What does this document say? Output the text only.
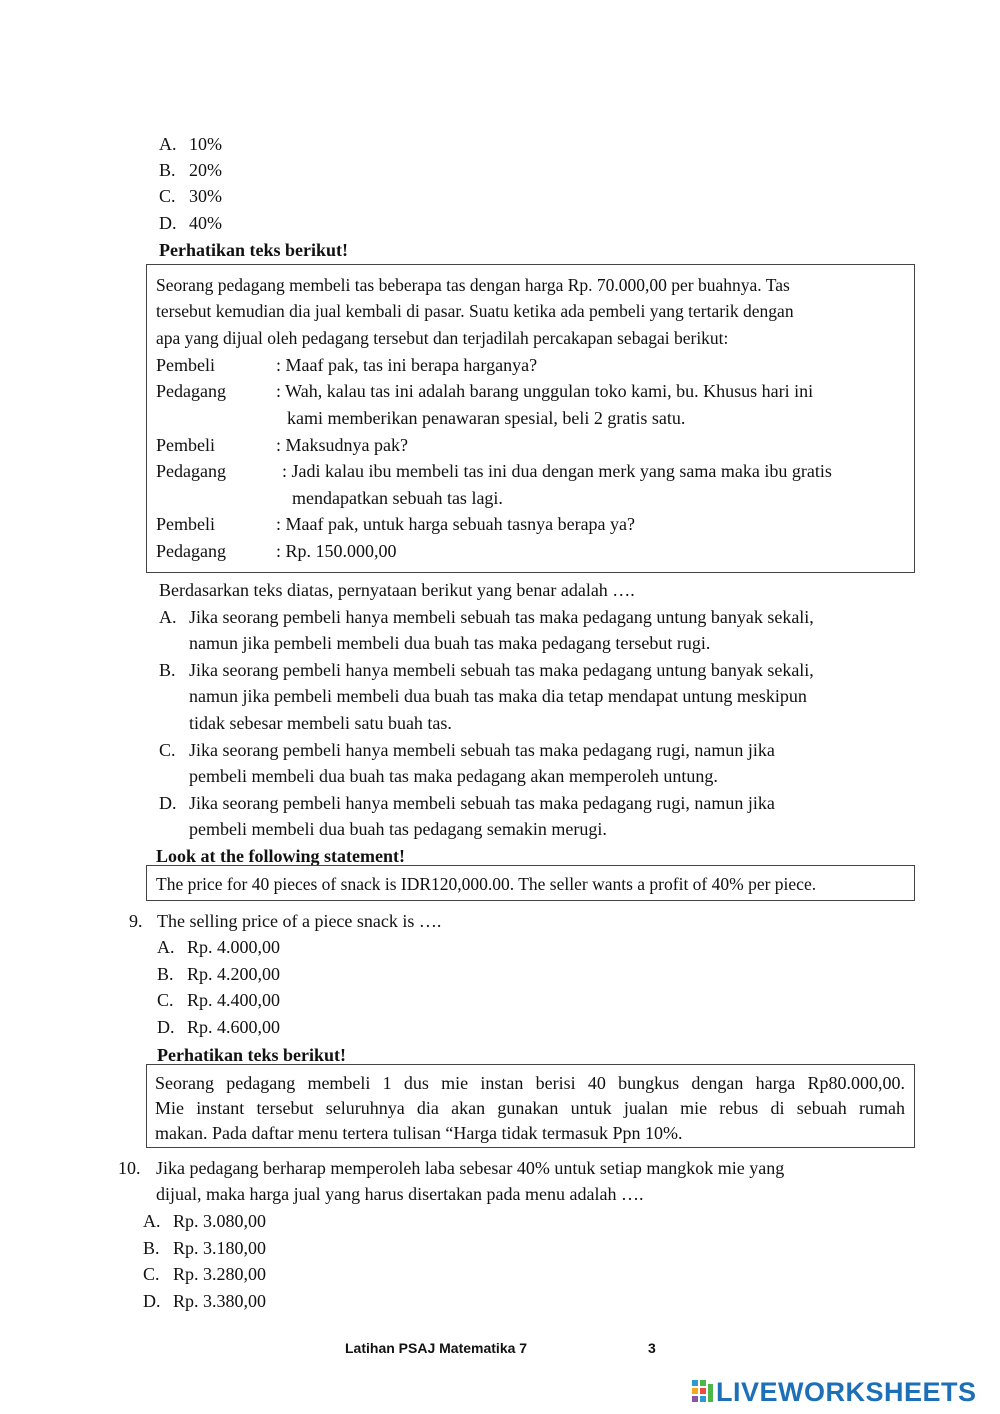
A. 10%
B. 20%
C. 30%
D. 40%
Perhatikan teks berikut!
Seorang pedagang membeli tas beberapa tas dengan harga Rp. 70.000,00 per buahnya. Tas
tersebut kemudian dia jual kembali di pasar. Suatu ketika ada pembeli yang tertarik dengan
apa yang dijual oleh pedagang tersebut dan terjadilah percakapan sebagai berikut:
Pembeli	: Maaf pak, tas ini berapa harganya?
Pedagang	: Wah, kalau tas ini adalah barang unggulan toko kami, bu. Khusus hari ini
kami memberikan penawaran spesial, beli 2 gratis satu.
Pembeli	: Maksudnya pak?
Pedagang	: Jadi kalau ibu membeli tas ini dua dengan merk yang sama maka ibu gratis
mendapatkan sebuah tas lagi.
Pembeli	: Maaf pak, untuk harga sebuah tasnya berapa ya?
Pedagang	: Rp. 150.000,00
Berdasarkan teks diatas, pernyataan berikut yang benar adalah ….
A. Jika seorang pembeli hanya membeli sebuah tas maka pedagang untung banyak sekali,
namun jika pembeli membeli dua buah tas maka pedagang tersebut rugi.
B. Jika seorang pembeli hanya membeli sebuah tas maka pedagang untung banyak sekali,
namun jika pembeli membeli dua buah tas maka dia tetap mendapat untung meskipun
tidak sebesar membeli satu buah tas.
C. Jika seorang pembeli hanya membeli sebuah tas maka pedagang rugi, namun jika
pembeli membeli dua buah tas maka pedagang akan memperoleh untung.
D. Jika seorang pembeli hanya membeli sebuah tas maka pedagang rugi, namun jika
pembeli membeli dua buah tas pedagang semakin merugi.
Look at the following statement!
The price for 40 pieces of snack is IDR120,000.00. The seller wants a profit of 40% per piece.
9. The selling price of a piece snack is ….
A. Rp. 4.000,00
B. Rp. 4.200,00
C. Rp. 4.400,00
D. Rp. 4.600,00
Perhatikan teks berikut!
Seorang pedagang membeli 1 dus mie instan berisi 40 bungkus dengan harga Rp80.000,00.
Mie instant tersebut seluruhnya dia akan gunakan untuk jualan mie rebus di sebuah rumah
makan. Pada daftar menu tertera tulisan “Harga tidak termasuk Ppn 10%.
10. Jika pedagang berharap memperoleh laba sebesar 40% untuk setiap mangkok mie yang
dijual, maka harga jual yang harus disertakan pada menu adalah ….
A. Rp. 3.080,00
B. Rp. 3.180,00
C. Rp. 3.280,00
D. Rp. 3.380,00
Latihan PSAJ Matematika 7	3
LIVEWORKSHEETS
